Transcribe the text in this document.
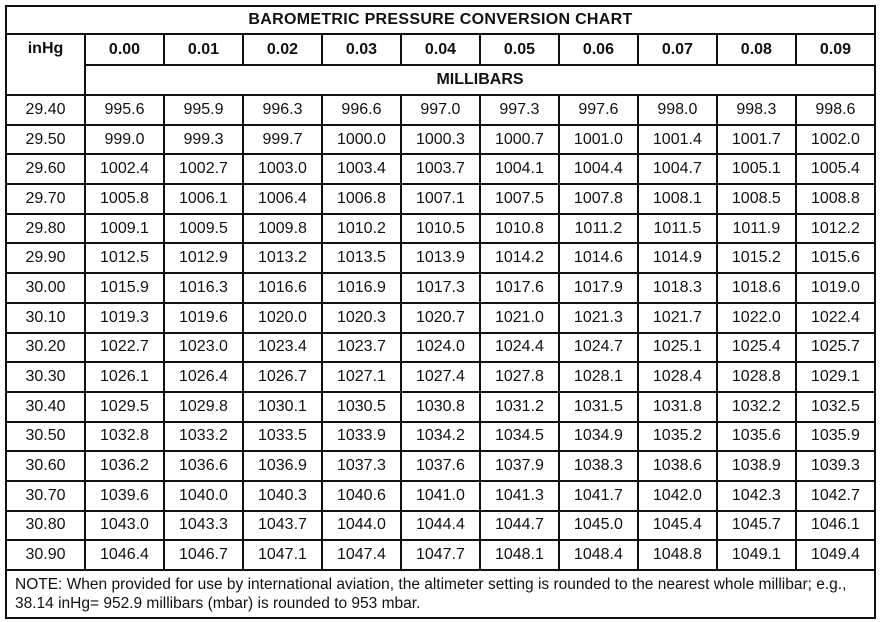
BAROMETRIC PRESSURE CONVERSION CHART										
inHg	0.00	0.01	0.02	0.03	0.04	0.05	0.06	0.07	0.08	0.09
	MILLIBARS									
29.40	995.6	995.9	996.3	996.6	997.0	997.3	997.6	998.0	998.3	998.6
29.50	999.0	999.3	999.7	1000.0	1000.3	1000.7	1001.0	1001.4	1001.7	1002.0
29.60	1002.4	1002.7	1003.0	1003.4	1003.7	1004.1	1004.4	1004.7	1005.1	1005.4
29.70	1005.8	1006.1	1006.4	1006.8	1007.1	1007.5	1007.8	1008.1	1008.5	1008.8
29.80	1009.1	1009.5	1009.8	1010.2	1010.5	1010.8	1011.2	1011.5	1011.9	1012.2
29.90	1012.5	1012.9	1013.2	1013.5	1013.9	1014.2	1014.6	1014.9	1015.2	1015.6
30.00	1015.9	1016.3	1016.6	1016.9	1017.3	1017.6	1017.9	1018.3	1018.6	1019.0
30.10	1019.3	1019.6	1020.0	1020.3	1020.7	1021.0	1021.3	1021.7	1022.0	1022.4
30.20	1022.7	1023.0	1023.4	1023.7	1024.0	1024.4	1024.7	1025.1	1025.4	1025.7
30.30	1026.1	1026.4	1026.7	1027.1	1027.4	1027.8	1028.1	1028.4	1028.8	1029.1
30.40	1029.5	1029.8	1030.1	1030.5	1030.8	1031.2	1031.5	1031.8	1032.2	1032.5
30.50	1032.8	1033.2	1033.5	1033.9	1034.2	1034.5	1034.9	1035.2	1035.6	1035.9
30.60	1036.2	1036.6	1036.9	1037.3	1037.6	1037.9	1038.3	1038.6	1038.9	1039.3
30.70	1039.6	1040.0	1040.3	1040.6	1041.0	1041.3	1041.7	1042.0	1042.3	1042.7
30.80	1043.0	1043.3	1043.7	1044.0	1044.4	1044.7	1045.0	1045.4	1045.7	1046.1
30.90	1046.4	1046.7	1047.1	1047.4	1047.7	1048.1	1048.4	1048.8	1049.1	1049.4
NOTE: When provided for use by international aviation, the altimeter setting is rounded to the nearest whole millibar; e.g., 38.14 inHg= 952.9 millibars (mbar) is rounded to 953 mbar.										
